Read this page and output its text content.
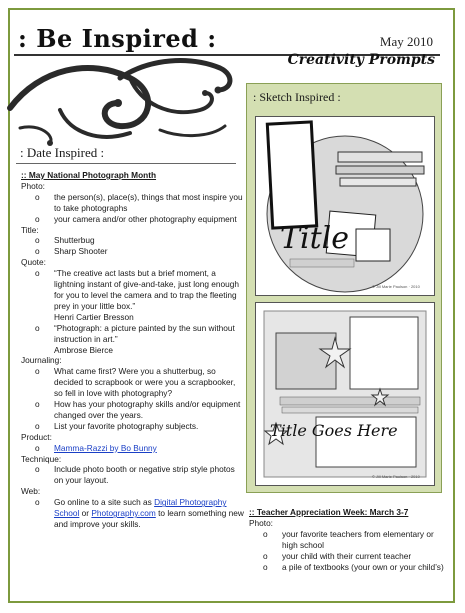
: Be Inspired :	May 2010
Creativity Prompts
: Date Inspired :
:: May National Photograph Month
Photo:
o the person(s), place(s), things that most inspire you to take photographs
o your camera and/or other photography equipment
Title:
o Shutterbug
o Sharp Shooter
Quote:
o “The creative act lasts but a brief moment, a lightning instant of give-and-take, just long enough for you to level the camera and to trap the fleeting prey in your little box.”
Henri Cartier Bresson
o “Photograph: a picture painted by the sun without instruction in art.”
Ambrose Bierce
Journaling:
o What came first? Were you a shutterbug, so decided to scrapbook or were you a scrapbooker, so fell in love with photography?
o How has your photography skills and/or equipment changed over the years.
o List your favorite photography subjects.
Product:
o Mamma-Razzi by Bo Bunny
Technique:
o Include photo booth or negative strip style photos on your layout.
Web:
o Go online to a site such as Digital Photography School or Photography.com to learn something new and improve your skills.
: Sketch Inspired :
Title
© Jill Marie Paulson · 2010
Title Goes Here
© Jill Marie Paulson · 2010
:: Teacher Appreciation Week: March 3-7
Photo:
o your favorite teachers from elementary or high school
o your child with their current teacher
o a pile of textbooks (your own or your child’s)
